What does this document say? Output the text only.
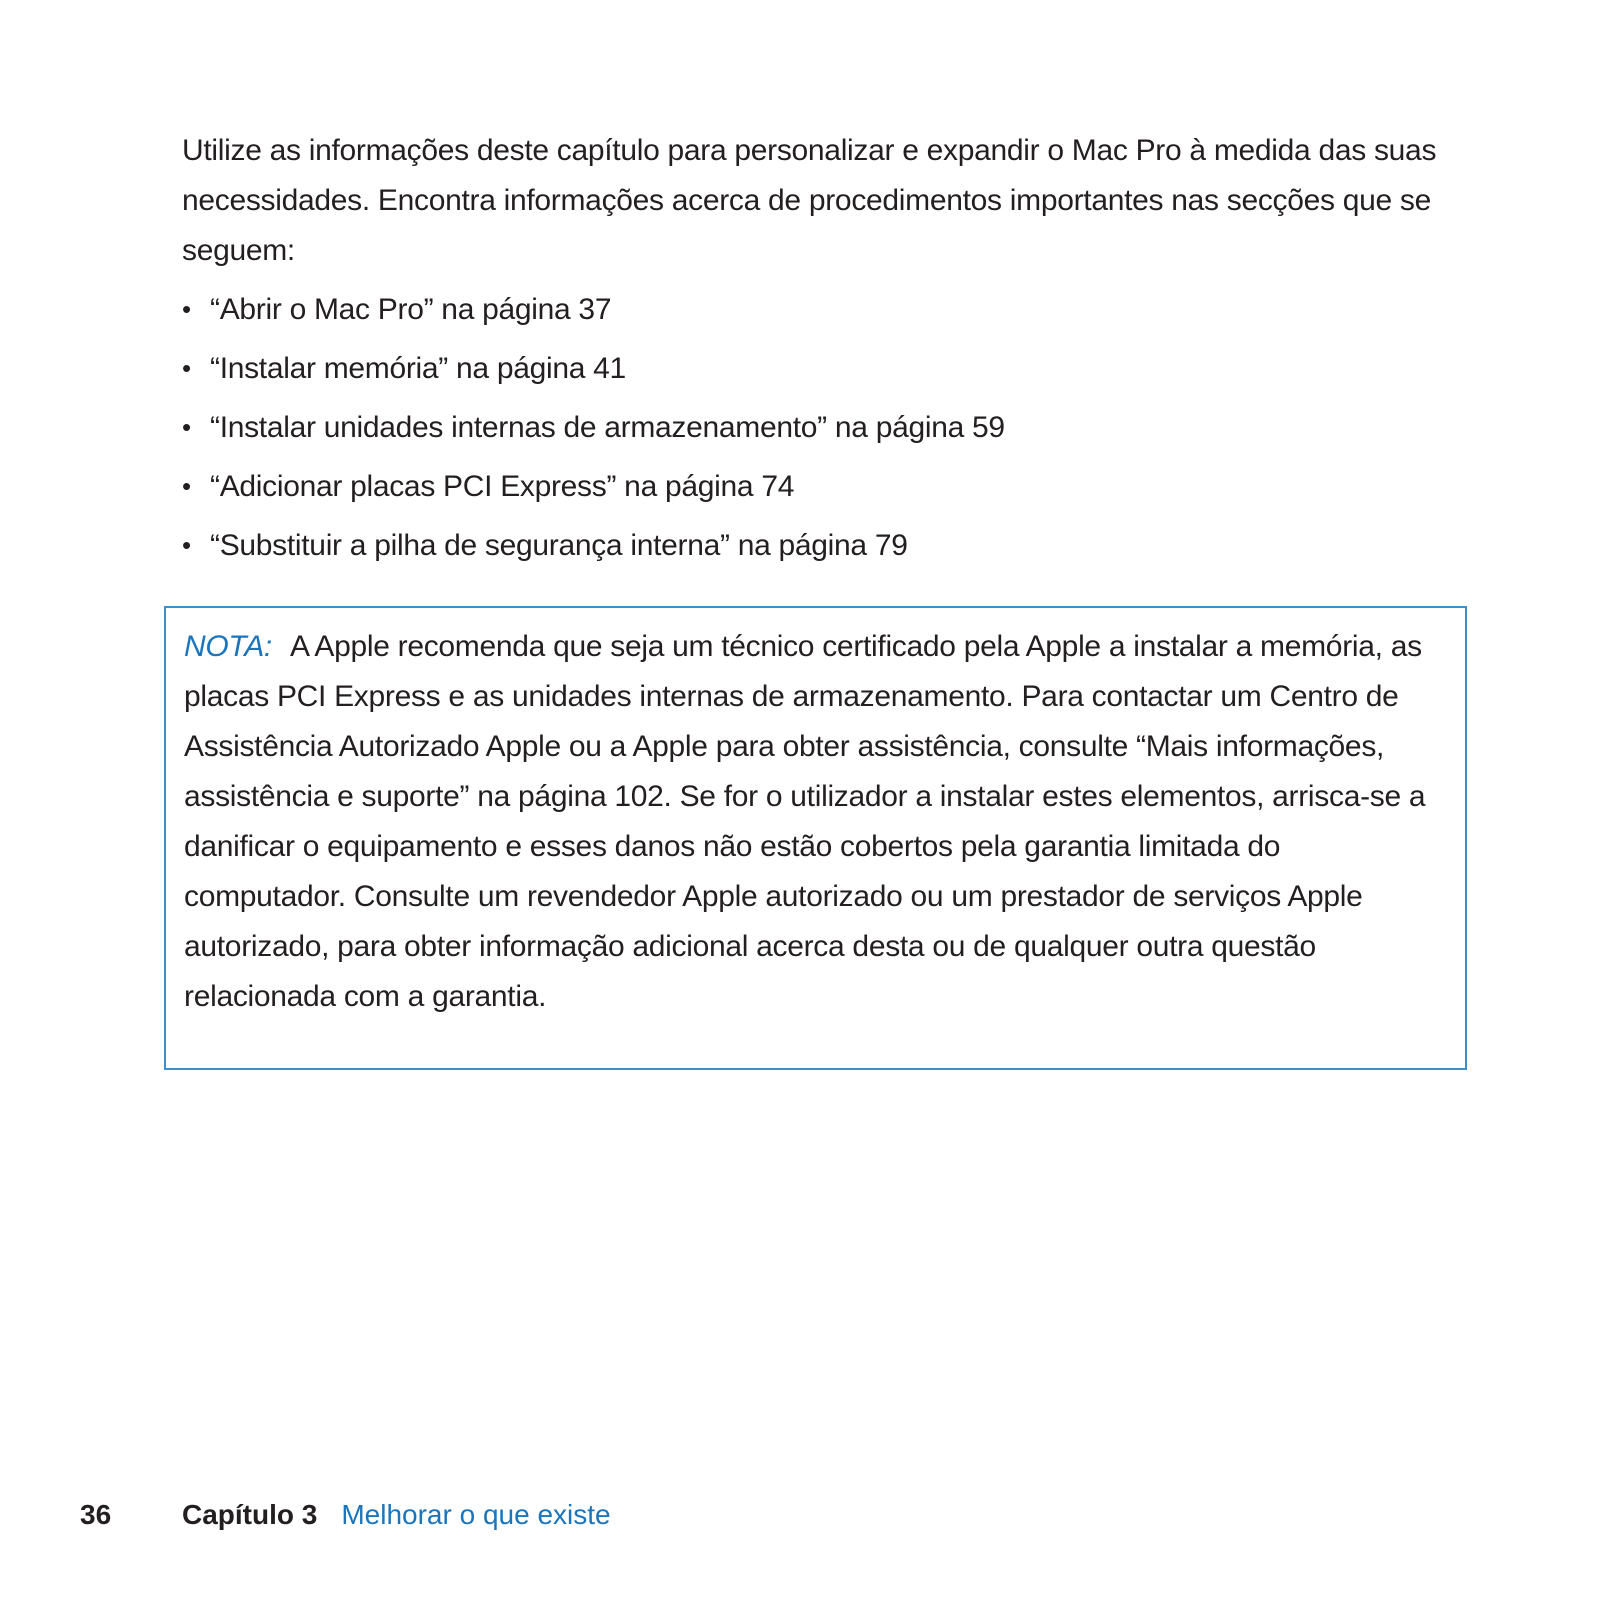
Utilize as informações deste capítulo para personalizar e expandir o Mac Pro à medida das suas necessidades. Encontra informações acerca de procedimentos importantes nas secções que se seguem:

• “Abrir o Mac Pro” na página 37
• “Instalar memória” na página 41
• “Instalar unidades internas de armazenamento” na página 59
• “Adicionar placas PCI Express” na página 74
• “Substituir a pilha de segurança interna” na página 79

NOTA: A Apple recomenda que seja um técnico certificado pela Apple a instalar a memória, as placas PCI Express e as unidades internas de armazenamento. Para contactar um Centro de Assistência Autorizado Apple ou a Apple para obter assistência, consulte “Mais informações, assistência e suporte” na página 102. Se for o utilizador a instalar estes elementos, arrisca-se a danificar o equipamento e esses danos não estão cobertos pela garantia limitada do computador. Consulte um revendedor Apple autorizado ou um prestador de serviços Apple autorizado, para obter informação adicional acerca desta ou de qualquer outra questão relacionada com a garantia.

36	Capítulo 3 Melhorar o que existe
